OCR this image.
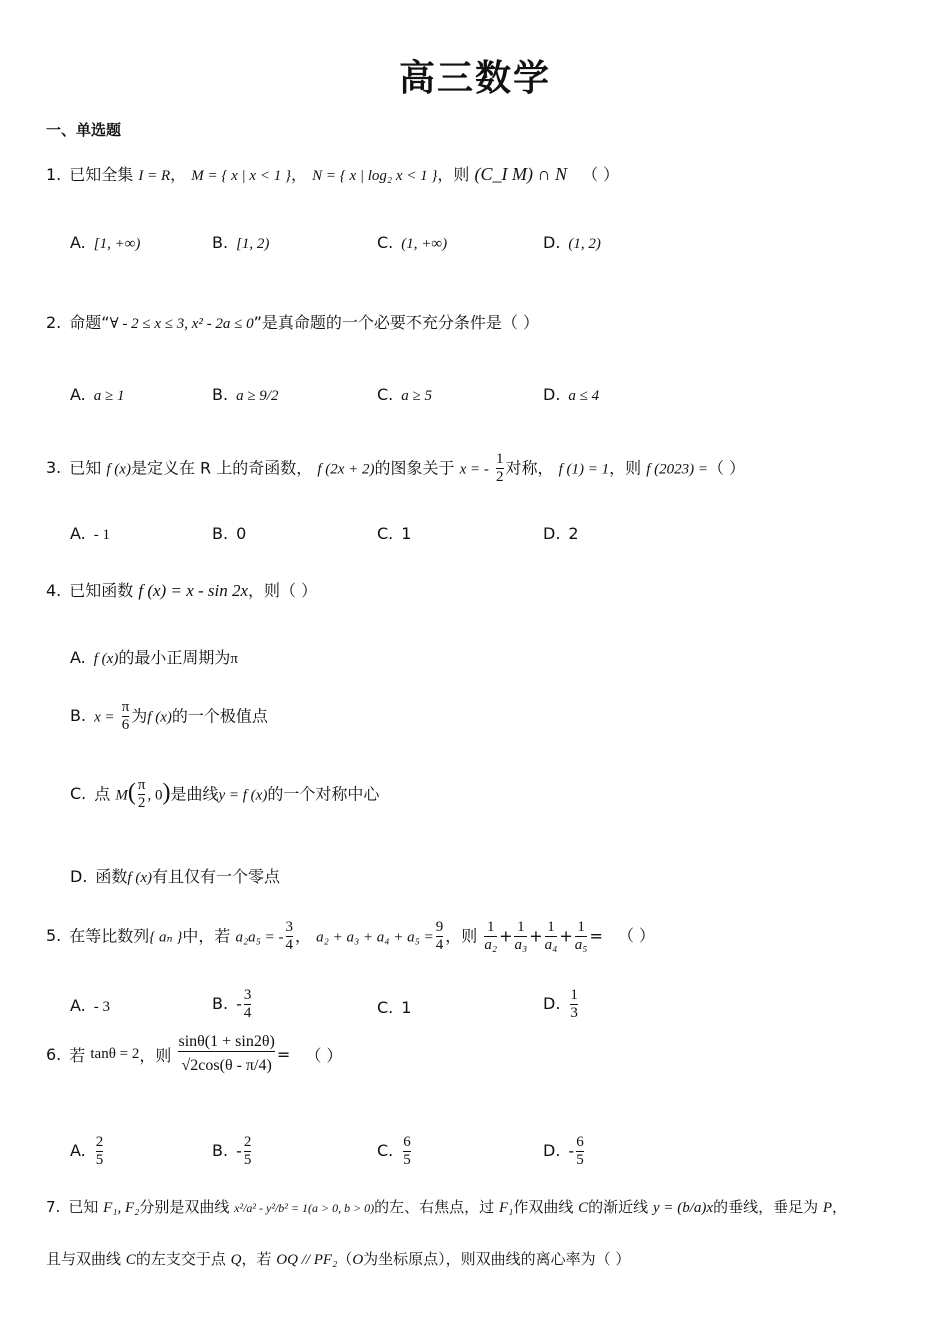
高三数学
一、单选题
1. 已知全集 I = R， M = { x | x < 1 }， N = { x | log₂ x < 1 }，则 (C_I M) ∩ N （ ）
A. [1, +∞)	B. [1, 2)	C. (1, +∞)	D. (1, 2)
2. 命题“∀ - 2 ≤ x ≤ 3, x² - 2a ≤ 0”是真命题的一个必要不充分条件是（ ）
A. a ≥ 1	B. a ≥ 9/2	C. a ≥ 5	D. a ≤ 4
3. 已知 f (x)是定义在 R 上的奇函数， f (2x + 2)的图象关于 x = - $\frac{1}{2}$ 对称， f (1) = 1，则 f (2023) =（ ）
A. - 1	B. 0	C. 1	D. 2
4. 已知函数 f (x) = x - sin 2x，则（ ）
A. f (x)的最小正周期为π
B. $x = \frac{\pi}{6}$ 为f (x)的一个极值点
C. 点 $M( \frac{\pi}{2}$ , 0)是曲线y = f (x)的一个对称中心
D. 函数f (x)有且仅有一个零点
5. 在等比数列{ aₙ }中，若 a₂a₅ = - $\frac{3}{4}$ ， $a_2 + a_3 + a_4 + a_5 = \frac{9}{4}$ ，则 $\frac{1}{\text{a₂}} + \frac{1}{\text{a₃}} + \frac{1}{\text{a₄}} + \frac{1}{\text{a₅}}$ = （ ）
A. - 3	B. - $\frac{3}{4}$	C. 1	D. $\frac{1}{3}$
6. 若 tanθ = 2，则 $\frac{\sin\theta(1 + \sin 2\theta)}{√2\cos(\theta - \pi/4)}$ = （ ）
A. $\frac{2}{5}$	B. - $\frac{2}{5}$	C. $\frac{6}{5}$	D. - $\frac{6}{5}$
7. 已知 F₁, F₂分别是双曲线 x²/a² - y²/b² = 1(a > 0, b > 0)的左、右焦点，过 F₁作双曲线 C的渐近线 y = (b/a)x的垂线，垂足为 P，
且与双曲线 C的左支交于点 Q，若 OQ // PF₂（O为坐标原点），则双曲线的离心率为（ ）
